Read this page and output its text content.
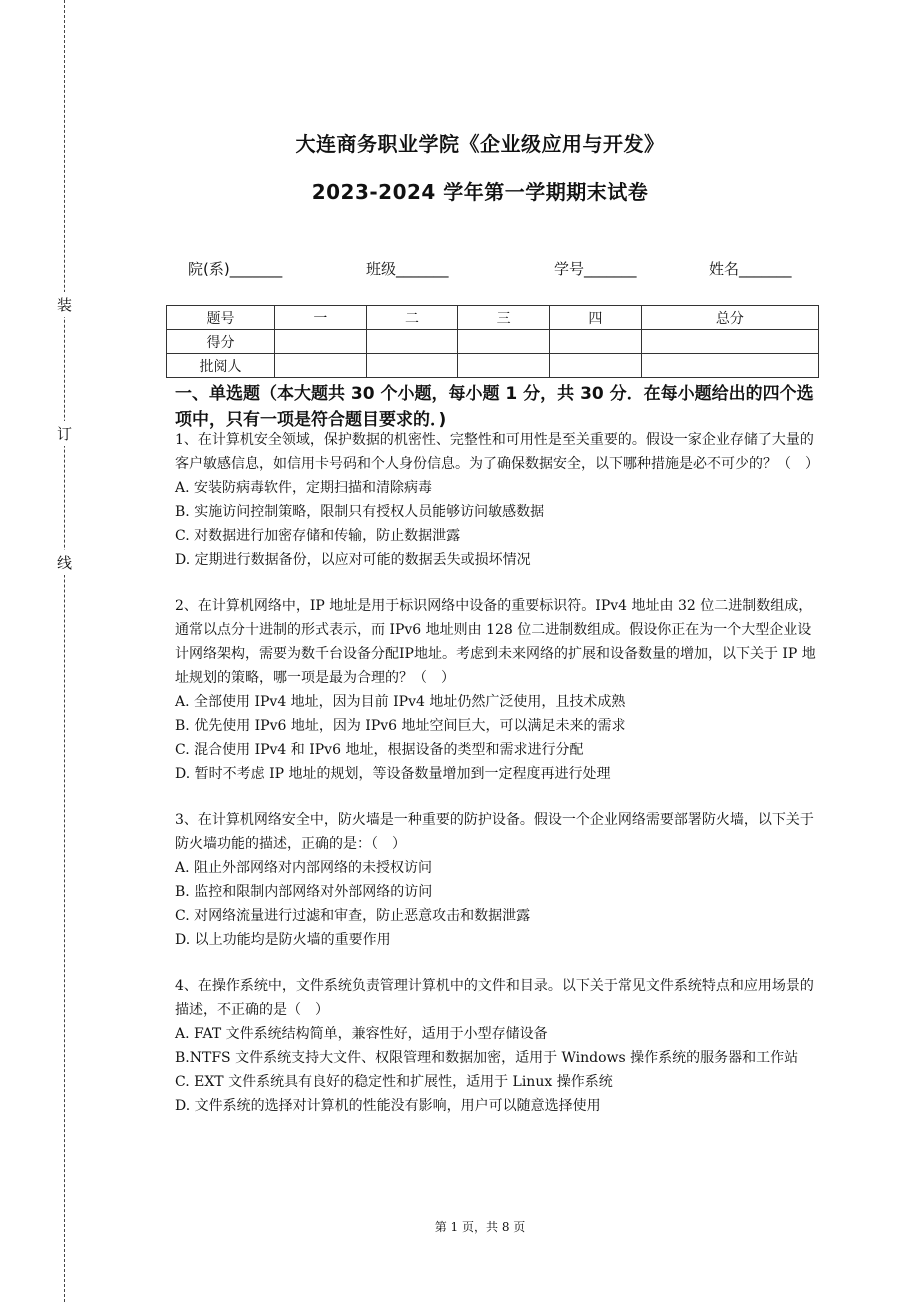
装
订
线
大连商务职业学院《企业级应用与开发》
2023-2024 学年第一学期期末试卷
院(系)_______	班级_______	学号_______	姓名_______
题号	一	二	三	四	总分
得分					
批阅人					
一、单选题（本大题共 30 个小题，每小题 1 分，共 30 分．在每小题给出的四个选项中，只有一项是符合题目要求的．)

1、在计算机安全领域，保护数据的机密性、完整性和可用性是至关重要的。假设一家企业存储了大量的客户敏感信息，如信用卡号码和个人身份信息。为了确保数据安全，以下哪种措施是必不可少的？（　）

A. 安装防病毒软件，定期扫描和清除病毒

B. 实施访问控制策略，限制只有授权人员能够访问敏感数据

C. 对数据进行加密存储和传输，防止数据泄露

D. 定期进行数据备份，以应对可能的数据丢失或损坏情况

2、在计算机网络中，IP 地址是用于标识网络中设备的重要标识符。IPv4 地址由 32 位二进制数组成，通常以点分十进制的形式表示，而 IPv6 地址则由 128 位二进制数组成。假设你正在为一个大型企业设计网络架构，需要为数千台设备分配IP地址。考虑到未来网络的扩展和设备数量的增加，以下关于 IP 地址规划的策略，哪一项是最为合理的？（　）

A. 全部使用 IPv4 地址，因为目前 IPv4 地址仍然广泛使用，且技术成熟

B. 优先使用 IPv6 地址，因为 IPv6 地址空间巨大，可以满足未来的需求

C. 混合使用 IPv4 和 IPv6 地址，根据设备的类型和需求进行分配

D. 暂时不考虑 IP 地址的规划，等设备数量增加到一定程度再进行处理

3、在计算机网络安全中，防火墙是一种重要的防护设备。假设一个企业网络需要部署防火墙，以下关于防火墙功能的描述，正确的是：（　）

A. 阻止外部网络对内部网络的未授权访问

B. 监控和限制内部网络对外部网络的访问

C. 对网络流量进行过滤和审查，防止恶意攻击和数据泄露

D. 以上功能均是防火墙的重要作用

4、在操作系统中，文件系统负责管理计算机中的文件和目录。以下关于常见文件系统特点和应用场景的描述，不正确的是（　）

A. FAT 文件系统结构简单，兼容性好，适用于小型存储设备

B.NTFS 文件系统支持大文件、权限管理和数据加密，适用于 Windows 操作系统的服务器和工作站

C. EXT 文件系统具有良好的稳定性和扩展性，适用于 Linux 操作系统

D. 文件系统的选择对计算机的性能没有影响，用户可以随意选择使用

第 1 页，共 8 页
